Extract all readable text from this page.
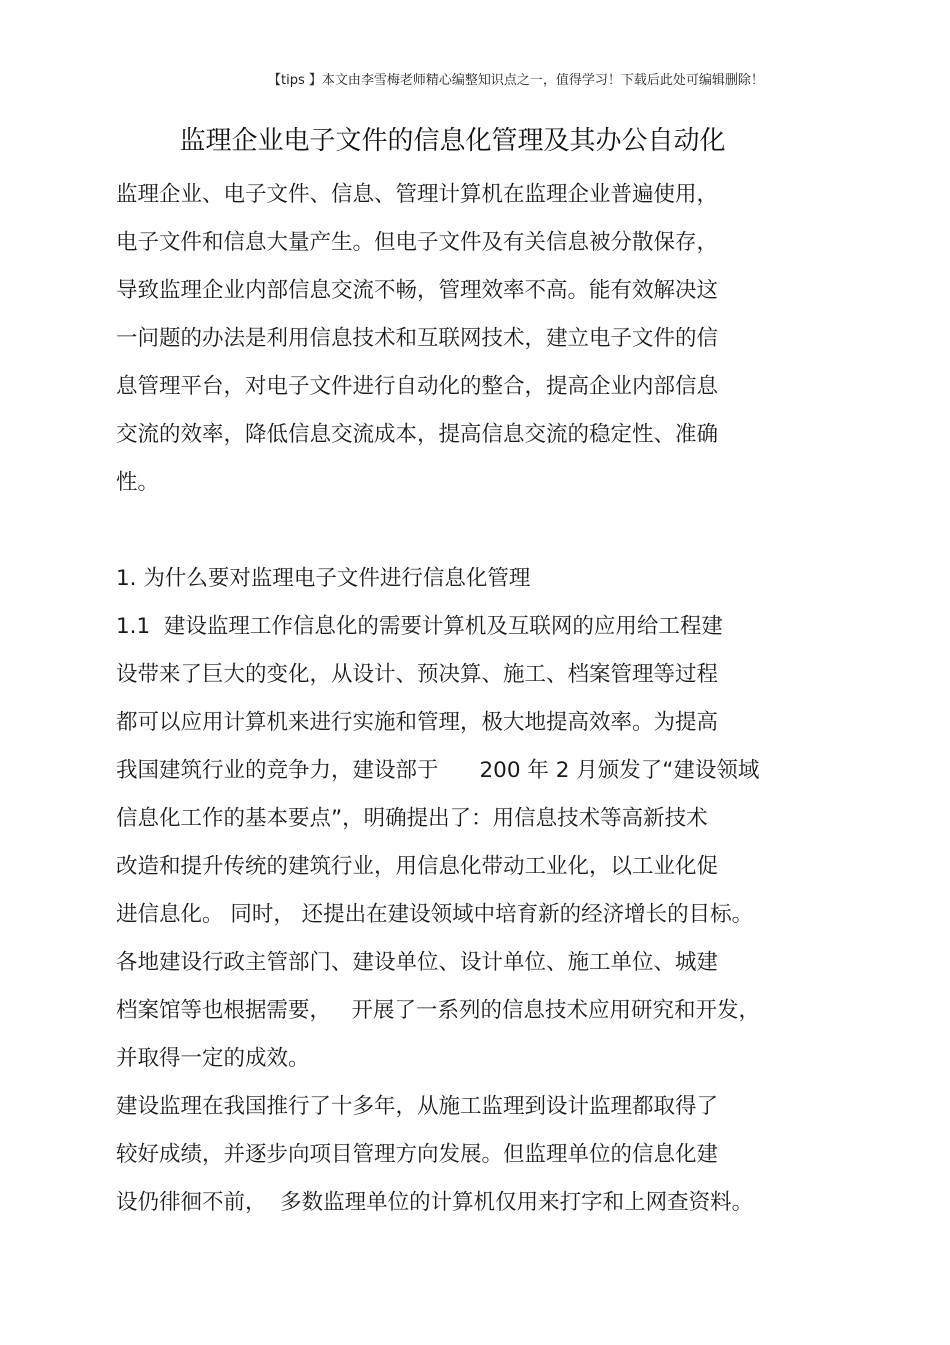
【tips 】本文由李雪梅老师精心编整知识点之一，值得学习！下载后此处可编辑删除！
监理企业电子文件的信息化管理及其办公自动化
监理企业、电子文件、信息、管理计算机在监理企业普遍使用，
电子文件和信息大量产生。但电子文件及有关信息被分散保存，
导致监理企业内部信息交流不畅，管理效率不高。能有效解决这
一问题的办法是利用信息技术和互联网技术，建立电子文件的信
息管理平台，对电子文件进行自动化的整合，提高企业内部信息
交流的效率，降低信息交流成本，提高信息交流的稳定性、准确
性。
1. 为什么要对监理电子文件进行信息化管理
1.1  建设监理工作信息化的需要计算机及互联网的应用给工程建
设带来了巨大的变化，从设计、预决算、施工、档案管理等过程
都可以应用计算机来进行实施和管理，极大地提高效率。为提高
我国建筑行业的竞争力，建设部于      200 年 2 月颁发了“建设领域
信息化工作的基本要点”，明确提出了：用信息技术等高新技术
改造和提升传统的建筑行业，用信息化带动工业化，以工业化促
进信息化。 同时， 还提出在建设领域中培育新的经济增长的目标。
各地建设行政主管部门、建设单位、设计单位、施工单位、城建
档案馆等也根据需要，   开展了一系列的信息技术应用研究和开发，
并取得一定的成效。
建设监理在我国推行了十多年，从施工监理到设计监理都取得了
较好成绩，并逐步向项目管理方向发展。但监理单位的信息化建
设仍徘徊不前，  多数监理单位的计算机仅用来打字和上网查资料。
